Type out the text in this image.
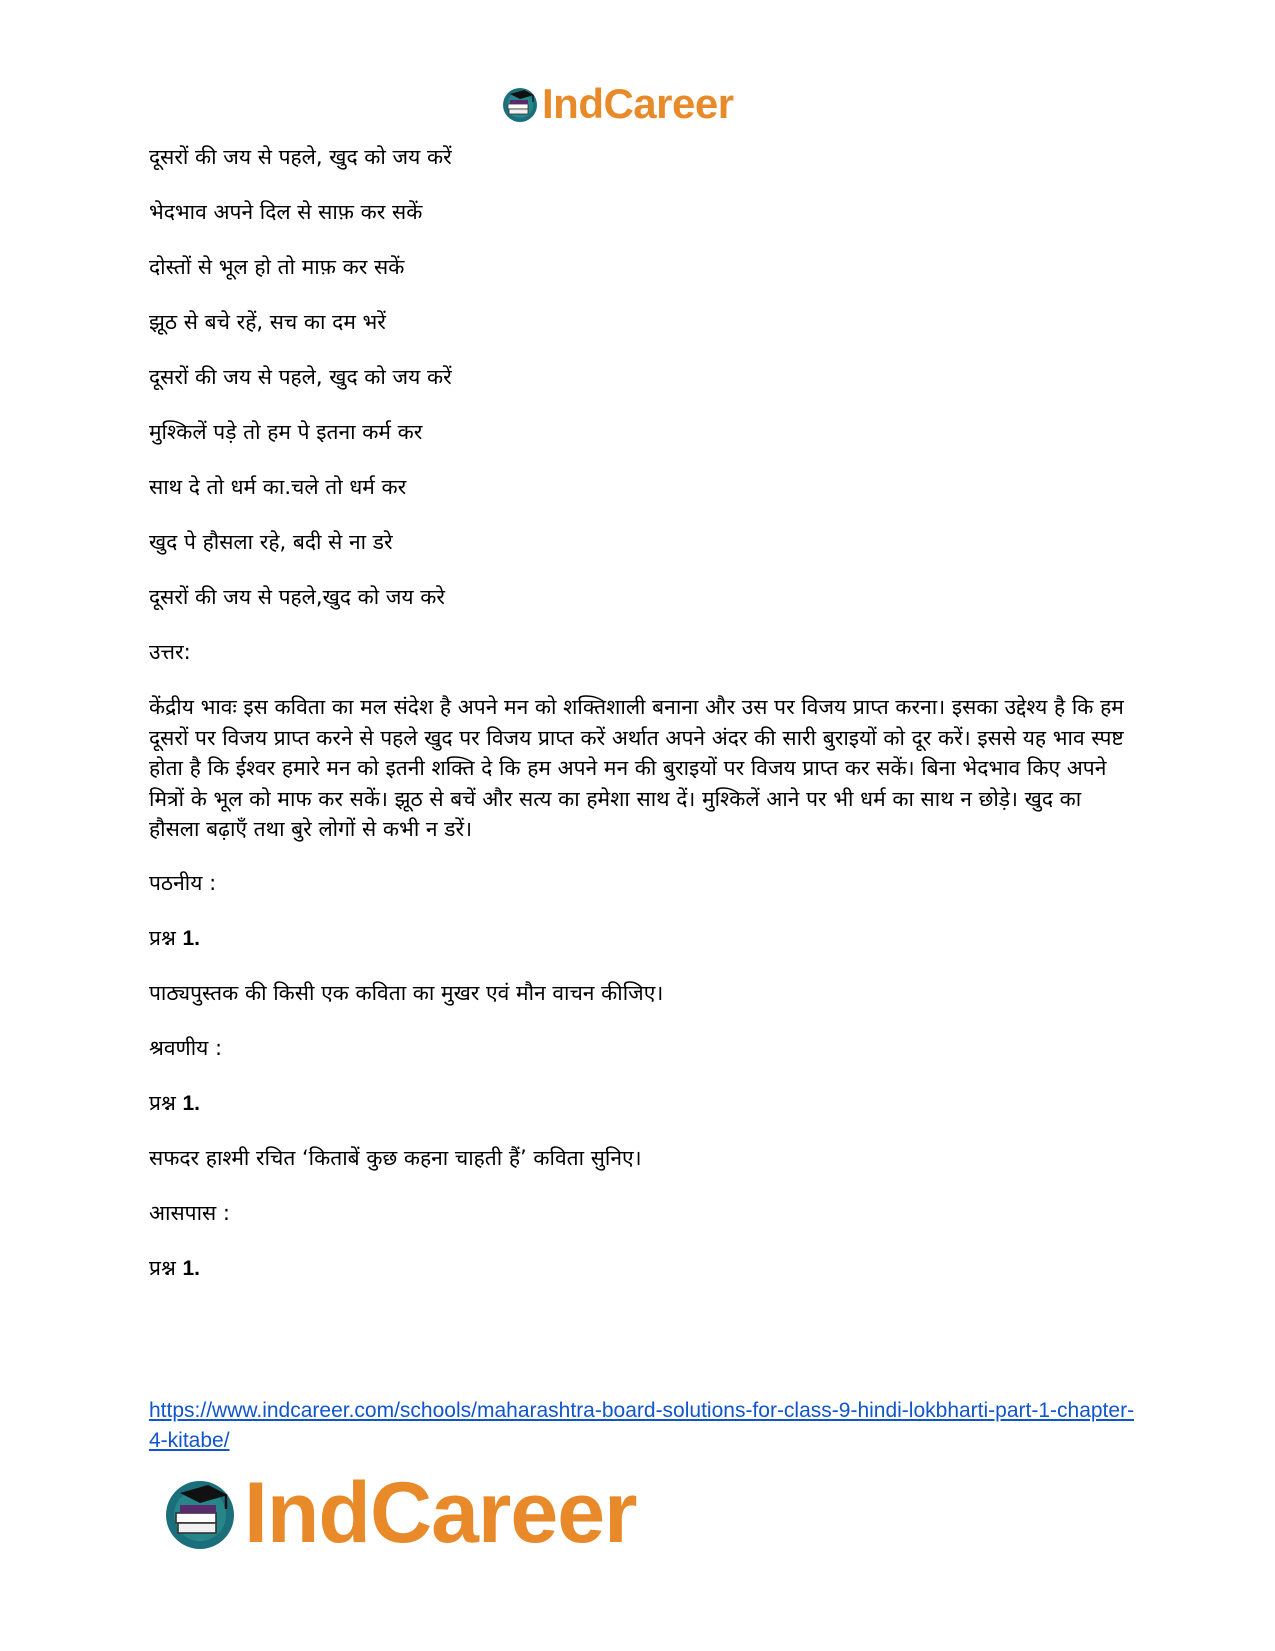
IndCareer
दूसरों की जय से पहले, खुद को जय करें
भेदभाव अपने दिल से साफ़ कर सकें
दोस्तों से भूल हो तो माफ़ कर सकें
झूठ से बचे रहें, सच का दम भरें
दूसरों की जय से पहले, खुद को जय करें
मुश्किलें पड़े तो हम पे इतना कर्म कर
साथ दे तो धर्म का.चले तो धर्म कर
खुद पे हौसला रहे, बदी से ना डरे
दूसरों की जय से पहले,खुद को जय करे
उत्तर:
केंद्रीय भावः इस कविता का मल संदेश है अपने मन को शक्तिशाली बनाना और उस पर विजय प्राप्त करना। इसका उद्देश्य है कि हम दूसरों पर विजय प्राप्त करने से पहले खुद पर विजय प्राप्त करें अर्थात अपने अंदर की सारी बुराइयों को दूर करें। इससे यह भाव स्पष्ट होता है कि ईश्वर हमारे मन को इतनी शक्ति दे कि हम अपने मन की बुराइयों पर विजय प्राप्त कर सकें। बिना भेदभाव किए अपने मित्रों के भूल को माफ कर सकें। झूठ से बचें और सत्य का हमेशा साथ दें। मुश्किलें आने पर भी धर्म का साथ न छोड़े। खुद का हौसला बढ़ाएँ तथा बुरे लोगों से कभी न डरें।
पठनीय :
प्रश्न 1.
पाठ्यपुस्तक की किसी एक कविता का मुखर एवं मौन वाचन कीजिए।
श्रवणीय :
प्रश्न 1.
सफदर हाश्मी रचित ‘किताबें कुछ कहना चाहती हैं’ कविता सुनिए।
आसपास :
प्रश्न 1.
https://www.indcareer.com/schools/maharashtra-board-solutions-for-class-9-hindi-lokbharti-part-1-chapter-4-kitabe/
IndCareer
